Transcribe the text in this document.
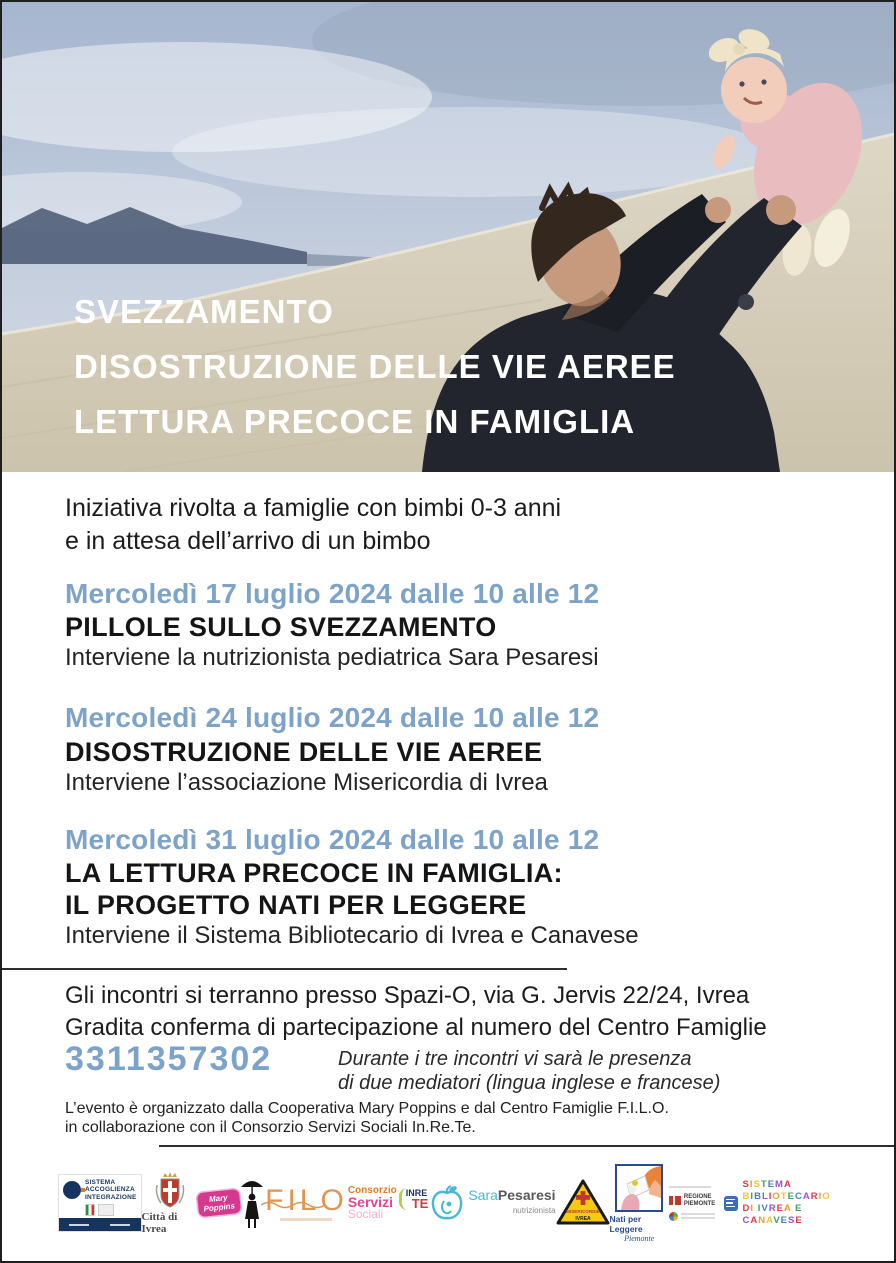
SVEZZAMENTO
DISOSTRUZIONE DELLE VIE AEREE
LETTURA PRECOCE IN FAMIGLIA
Iniziativa rivolta a famiglie con bimbi 0-3 anni
e in attesa dell’arrivo di un bimbo
Mercoledì 17 luglio 2024 dalle 10 alle 12
PILLOLE SULLO SVEZZAMENTO
Interviene la nutrizionista pediatrica Sara Pesaresi
Mercoledì 24 luglio 2024 dalle 10 alle 12
DISOSTRUZIONE DELLE VIE AEREE
Interviene l’associazione Misericordia di Ivrea
Mercoledì 31 luglio 2024 dalle 10 alle 12
LA LETTURA PRECOCE IN FAMIGLIA:
IL PROGETTO NATI PER LEGGERE
Interviene il Sistema Bibliotecario di Ivrea e Canavese
Gli incontri si terranno presso Spazi-O, via G. Jervis 22/24, Ivrea
Gradita conferma di partecipazione al numero del Centro Famiglie
3311357302	Durante i tre incontri vi sarà le presenza
di due mediatori (lingua inglese e francese)
L’evento è organizzato dalla Cooperativa Mary Poppins e dal Centro Famiglie F.I.L.O.
in collaborazione con il Consorzio Servizi Sociali In.Re.Te.
SISTEMA
ACCOGLIENZA
INTEGRAZIONE
Città di Ivrea
Mary
Poppins FILO Consorzio
Servizi
Sociali
INRE
TE
SaraPesaresi
nutrizionista MISERICORDIE
IVREA Nati per Leggere
Piemonte
REGIONE
PIEMONTE
SISTEMA BIBLIOTECARIO
DI IVREA E CANAVESE
